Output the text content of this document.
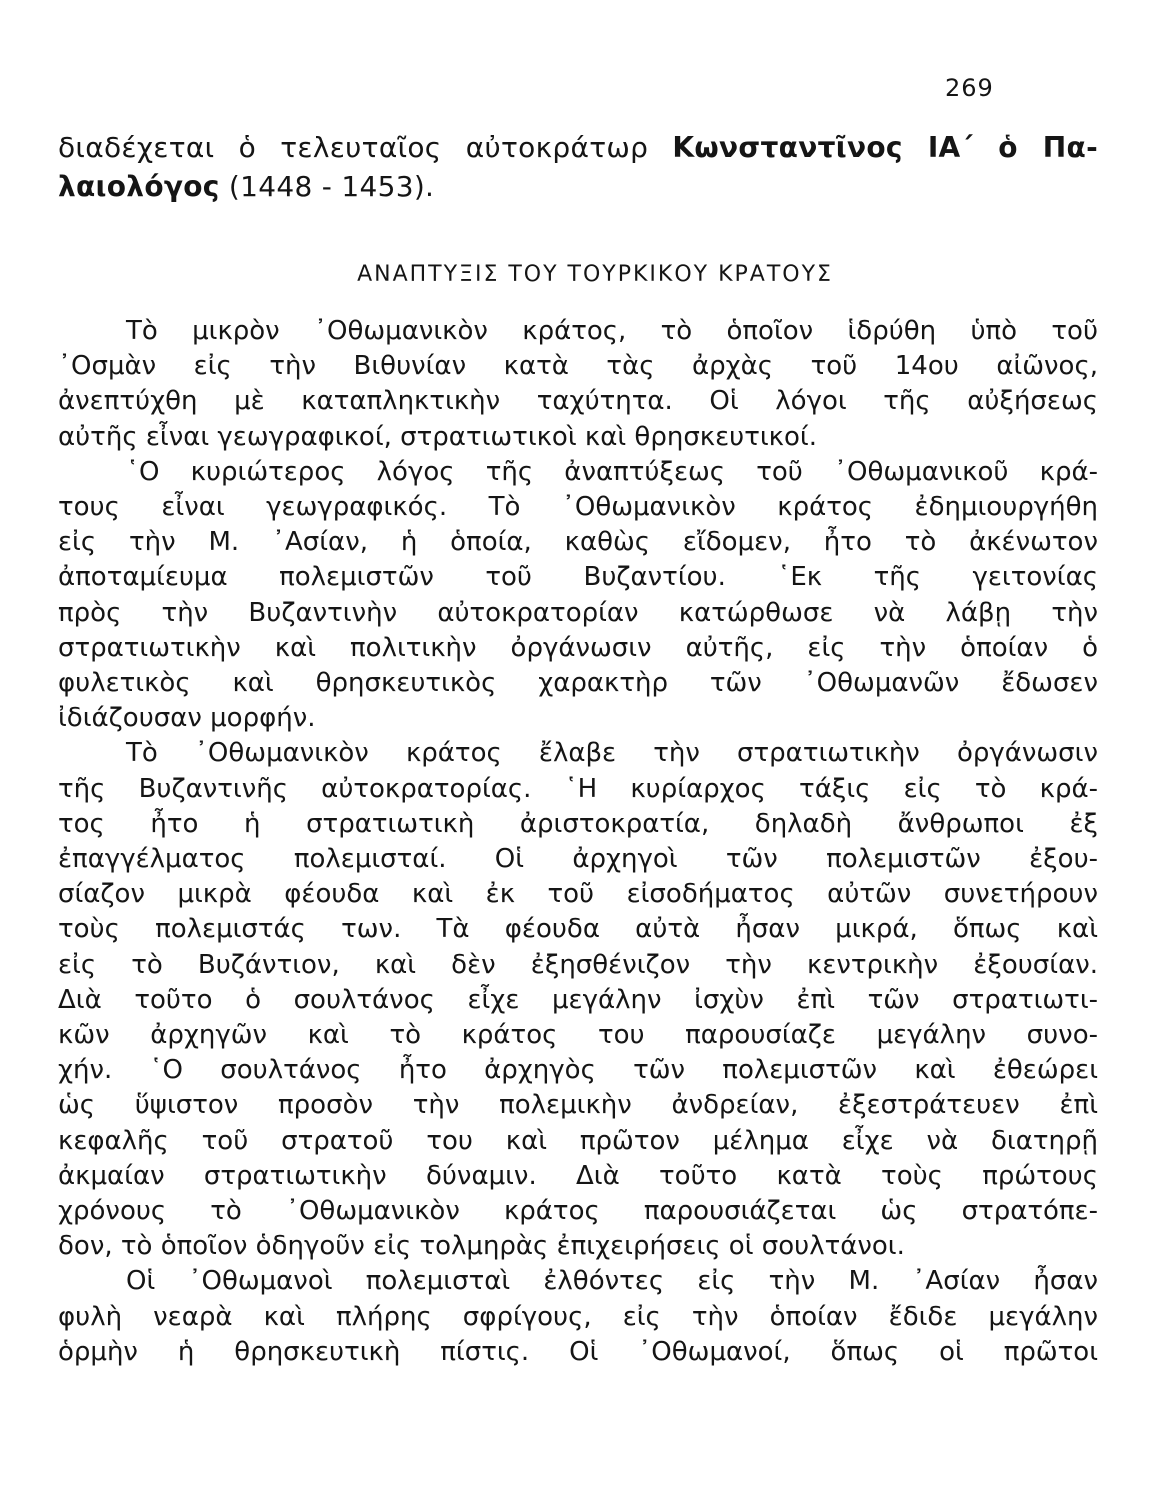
269
διαδέχεται ὁ τελευταῖος αὐτοκράτωρ Κωνσταντῖνος ΙΑ΄ ὁ Πα-
λαιολόγος (1448 - 1453).
ΑΝΑΠΤΥΞΙΣ ΤΟΥ ΤΟΥΡΚΙΚΟΥ ΚΡΑΤΟΥΣ

Τὸ μικρὸν ᾿Οθωμανικὸν κράτος, τὸ ὁποῖον ἱδρύθη ὑπὸ τοῦ
᾿Οσμὰν εἰς τὴν Βιθυνίαν κατὰ τὰς ἀρχὰς τοῦ 14ου αἰῶνος,
ἀνεπτύχθη μὲ καταπληκτικὴν ταχύτητα. Οἱ λόγοι τῆς αὐξήσεως
αὐτῆς εἶναι γεωγραφικοί, στρατιωτικοὶ καὶ θρησκευτικοί.

῾Ο κυριώτερος λόγος τῆς ἀναπτύξεως τοῦ ᾿Οθωμανικοῦ κρά-
τους εἶναι γεωγραφικός. Τὸ ᾿Οθωμανικὸν κράτος ἐδημιουργήθη
εἰς τὴν Μ. ᾿Ασίαν, ἡ ὁποία, καθὼς εἴδομεν, ἦτο τὸ ἀκένωτον
ἀποταμίευμα πολεμιστῶν τοῦ Βυζαντίου. ῾Εκ τῆς γειτονίας
πρὸς τὴν Βυζαντινὴν αὐτοκρατορίαν κατώρθωσε νὰ λάβῃ τὴν
στρατιωτικὴν καὶ πολιτικὴν ὀργάνωσιν αὐτῆς, εἰς τὴν ὁποίαν ὁ
φυλετικὸς καὶ θρησκευτικὸς χαρακτὴρ τῶν ᾿Οθωμανῶν ἔδωσεν
ἰδιάζουσαν μορφήν.

Τὸ ᾿Οθωμανικὸν κράτος ἔλαβε τὴν στρατιωτικὴν ὀργάνωσιν
τῆς Βυζαντινῆς αὐτοκρατορίας. ῾Η κυρίαρχος τάξις εἰς τὸ κρά-
τος ἦτο ἡ στρατιωτικὴ ἀριστοκρατία, δηλαδὴ ἄνθρωποι ἐξ
ἐπαγγέλματος πολεμισταί. Οἱ ἀρχηγοὶ τῶν πολεμιστῶν ἐξου-
σίαζον μικρὰ φέουδα καὶ ἐκ τοῦ εἰσοδήματος αὐτῶν συνετήρουν
τοὺς πολεμιστάς των. Τὰ φέουδα αὐτὰ ἦσαν μικρά, ὅπως καὶ
εἰς τὸ Βυζάντιον, καὶ δὲν ἐξησθένιζον τὴν κεντρικὴν ἐξουσίαν.
Διὰ τοῦτο ὁ σουλτάνος εἶχε μεγάλην ἰσχὺν ἐπὶ τῶν στρατιωτι-
κῶν ἀρχηγῶν καὶ τὸ κράτος του παρουσίαζε μεγάλην συνο-
χήν. ῾Ο σουλτάνος ἦτο ἀρχηγὸς τῶν πολεμιστῶν καὶ ἐθεώρει
ὡς ὕψιστον προσὸν τὴν πολεμικὴν ἀνδρείαν, ἐξεστράτευεν ἐπὶ
κεφαλῆς τοῦ στρατοῦ του καὶ πρῶτον μέλημα εἶχε νὰ διατηρῇ
ἀκμαίαν στρατιωτικὴν δύναμιν. Διὰ τοῦτο κατὰ τοὺς πρώτους
χρόνους τὸ ᾿Οθωμανικὸν κράτος παρουσιάζεται ὡς στρατόπε-
δον, τὸ ὁποῖον ὁδηγοῦν εἰς τολμηρὰς ἐπιχειρήσεις οἱ σουλτάνοι.

Οἱ ᾿Οθωμανοὶ πολεμισταὶ ἐλθόντες εἰς τὴν Μ. ᾿Ασίαν ἦσαν
φυλὴ νεαρὰ καὶ πλήρης σφρίγους, εἰς τὴν ὁποίαν ἔδιδε μεγάλην
ὁρμὴν ἡ θρησκευτικὴ πίστις. Οἱ ᾿Οθωμανοί, ὅπως οἱ πρῶτοι
